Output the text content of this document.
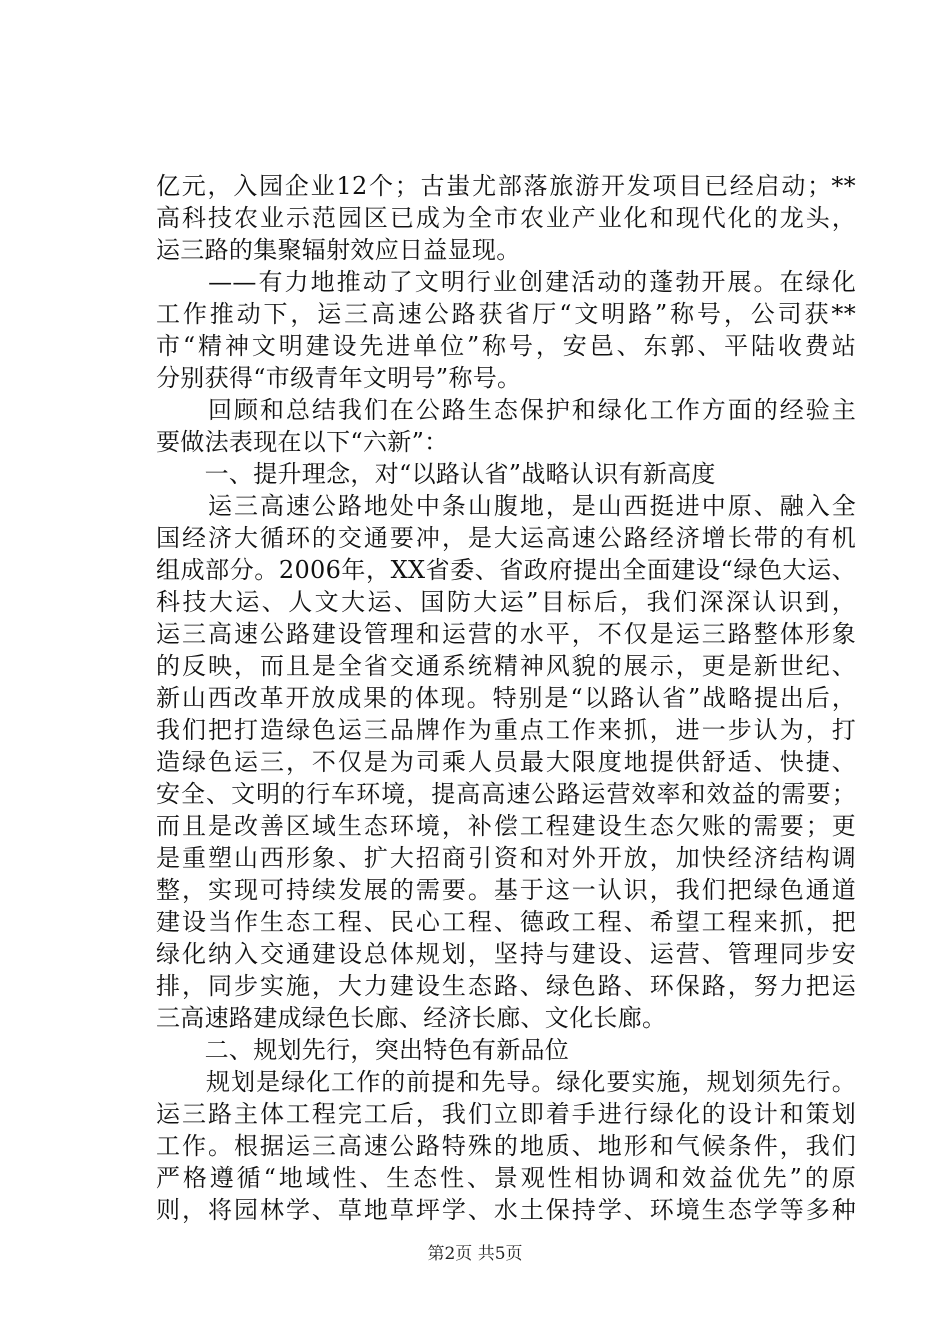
亿元，入园企业12个；古蚩尤部落旅游开发项目已经启动；**
高科技农业示范园区已成为全市农业产业化和现代化的龙头，
运三路的集聚辐射效应日益显现。
　　——有力地推动了文明行业创建活动的蓬勃开展。在绿化
工作推动下，运三高速公路获省厅“文明路”称号，公司获**
市“精神文明建设先进单位”称号，安邑、东郭、平陆收费站
分别获得“市级青年文明号”称号。
　　回顾和总结我们在公路生态保护和绿化工作方面的经验主
要做法表现在以下“六新”：
　　一、提升理念，对“以路认省”战略认识有新高度
　　运三高速公路地处中条山腹地，是山西挺进中原、融入全
国经济大循环的交通要冲，是大运高速公路经济增长带的有机
组成部分。2006年，XX省委、省政府提出全面建设“绿色大运、
科技大运、人文大运、国防大运”目标后，我们深深认识到，
运三高速公路建设管理和运营的水平，不仅是运三路整体形象
的反映，而且是全省交通系统精神风貌的展示，更是新世纪、
新山西改革开放成果的体现。特别是“以路认省”战略提出后，
我们把打造绿色运三品牌作为重点工作来抓，进一步认为，打
造绿色运三，不仅是为司乘人员最大限度地提供舒适、快捷、
安全、文明的行车环境，提高高速公路运营效率和效益的需要；
而且是改善区域生态环境，补偿工程建设生态欠账的需要；更
是重塑山西形象、扩大招商引资和对外开放，加快经济结构调
整，实现可持续发展的需要。基于这一认识，我们把绿色通道
建设当作生态工程、民心工程、德政工程、希望工程来抓，把
绿化纳入交通建设总体规划，坚持与建设、运营、管理同步安
排，同步实施，大力建设生态路、绿色路、环保路，努力把运
三高速路建成绿色长廊、经济长廊、文化长廊。
　　二、规划先行，突出特色有新品位
　　规划是绿化工作的前提和先导。绿化要实施，规划须先行。
运三路主体工程完工后，我们立即着手进行绿化的设计和策划
工作。根据运三高速公路特殊的地质、地形和气候条件，我们
严格遵循“地域性、生态性、景观性相协调和效益优先”的原
则，将园林学、草地草坪学、水土保持学、环境生态学等多种
第2页 共5页
